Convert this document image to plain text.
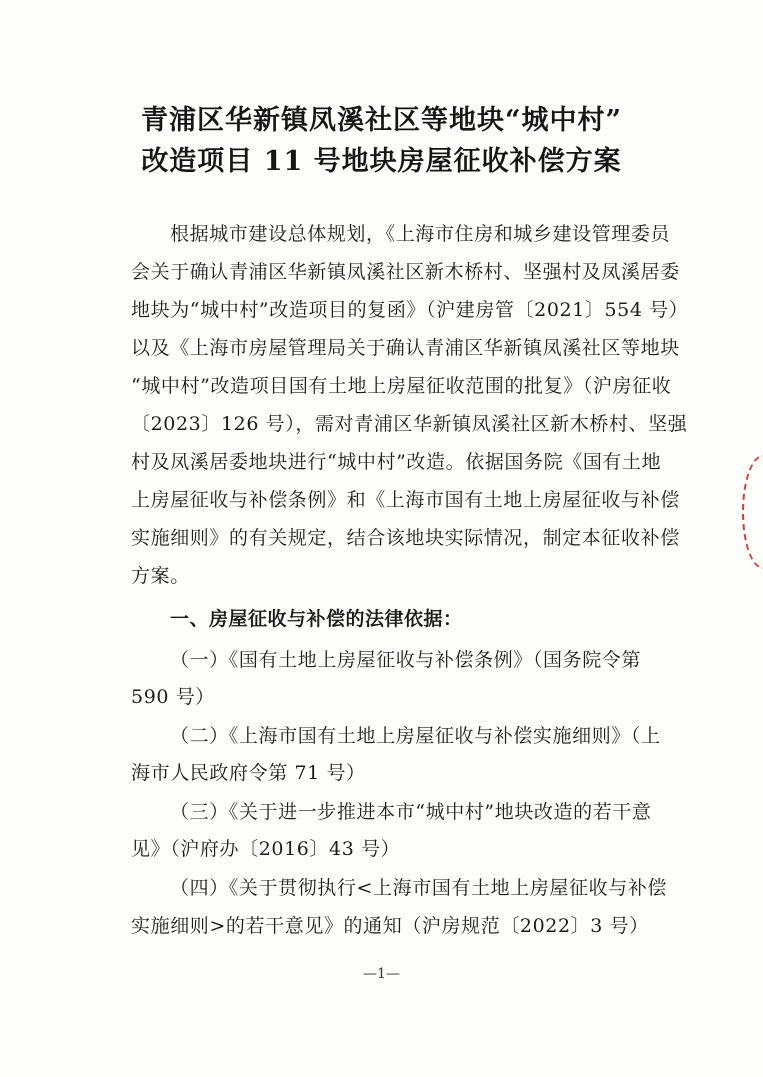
青浦区华新镇凤溪社区等地块“城中村”
改造项目 11 号地块房屋征收补偿方案
根据城市建设总体规划，《上海市住房和城乡建设管理委员
会关于确认青浦区华新镇凤溪社区新木桥村、坚强村及凤溪居委
地块为“城中村”改造项目的复函》（沪建房管〔2021〕554 号）
以及《上海市房屋管理局关于确认青浦区华新镇凤溪社区等地块
“城中村”改造项目国有土地上房屋征收范围的批复》（沪房征收
〔2023〕126 号），需对青浦区华新镇凤溪社区新木桥村、坚强
村及凤溪居委地块进行“城中村”改造。依据国务院《国有土地
上房屋征收与补偿条例》和《上海市国有土地上房屋征收与补偿
实施细则》的有关规定，结合该地块实际情况，制定本征收补偿
方案。
一、房屋征收与补偿的法律依据：
（一）《国有土地上房屋征收与补偿条例》（国务院令第
590 号）
（二）《上海市国有土地上房屋征收与补偿实施细则》（上
海市人民政府令第 71 号）
（三）《关于进一步推进本市“城中村”地块改造的若干意
见》（沪府办〔2016〕43 号）
（四）《关于贯彻执行<上海市国有土地上房屋征收与补偿
实施细则>的若干意见》的通知（沪房规范〔2022〕3 号）
—1—
